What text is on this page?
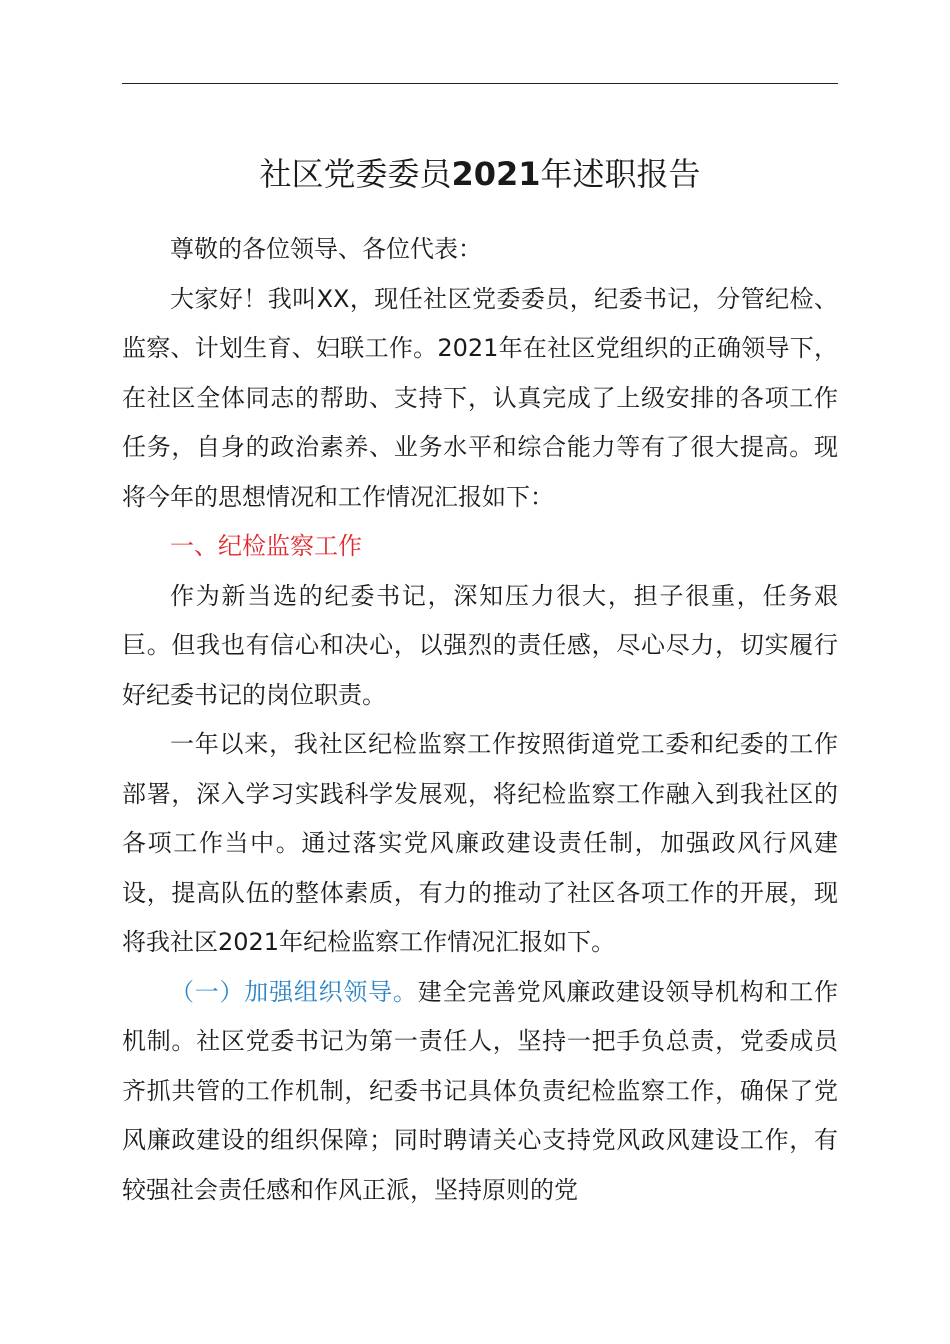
社区党委委员2021年述职报告

尊敬的各位领导、各位代表：

大家好！我叫XX，现任社区党委委员，纪委书记，分管纪检、监察、计划生育、妇联工作。2021年在社区党组织的正确领导下，在社区全体同志的帮助、支持下，认真完成了上级安排的各项工作任务，自身的政治素养、业务水平和综合能力等有了很大提高。现将今年的思想情况和工作情况汇报如下：

一、纪检监察工作

作为新当选的纪委书记，深知压力很大，担子很重，任务艰巨。但我也有信心和决心，以强烈的责任感，尽心尽力，切实履行好纪委书记的岗位职责。

一年以来，我社区纪检监察工作按照街道党工委和纪委的工作部署，深入学习实践科学发展观，将纪检监察工作融入到我社区的各项工作当中。通过落实党风廉政建设责任制，加强政风行风建设，提高队伍的整体素质，有力的推动了社区各项工作的开展，现将我社区2021年纪检监察工作情况汇报如下。

（一）加强组织领导。建全完善党风廉政建设领导机构和工作机制。社区党委书记为第一责任人，坚持一把手负总责，党委成员齐抓共管的工作机制，纪委书记具体负责纪检监察工作，确保了党风廉政建设的组织保障；同时聘请关心支持党风政风建设工作，有较强社会责任感和作风正派，坚持原则的党
